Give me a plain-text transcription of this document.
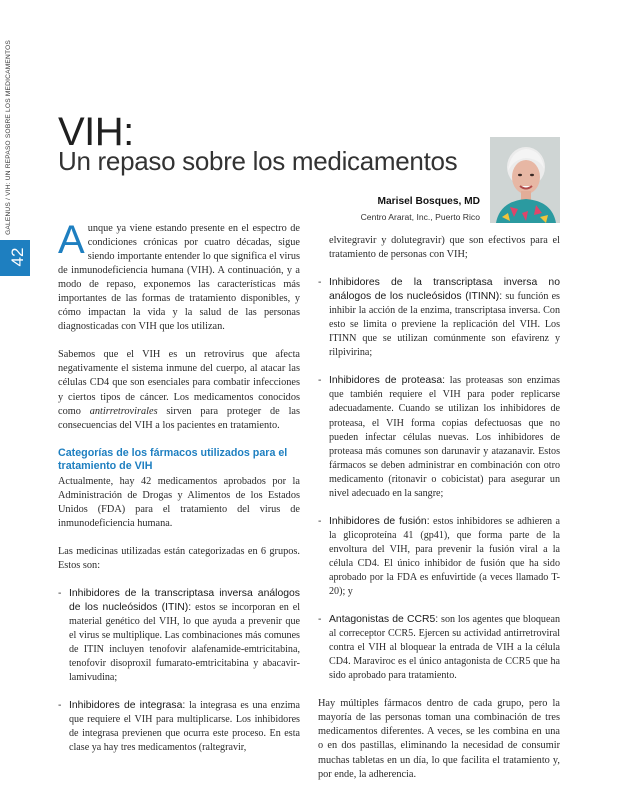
GALENUS / VIH: UN REPASO SOBRE LOS MEDICAMENTOS
42
VIH:
Un repaso sobre los medicamentos
Marisel Bosques, MD
Centro Ararat, Inc., Puerto Rico

Aunque ya viene estando presente en el espectro de condiciones crónicas por cuatro décadas, sigue siendo importante entender lo que significa el virus de inmunodeficiencia humana (VIH). A continuación, y a modo de repaso, exponemos las características más importantes de las formas de tratamiento disponibles, y cómo impactan la vida y la salud de las personas diagnosticadas con VIH que los utilizan.

Sabemos que el VIH es un retrovirus que afecta negativamente el sistema inmune del cuerpo, al atacar las células CD4 que son esenciales para combatir infecciones y ciertos tipos de cáncer. Los medicamentos conocidos como antirretrovirales sirven para proteger de las consecuencias del VIH a los pacientes en tratamiento.

Categorías de los fármacos utilizados para el tratamiento de VIH

Actualmente, hay 42 medicamentos aprobados por la Administración de Drogas y Alimentos de los Estados Unidos (FDA) para el tratamiento del virus de inmunodeficiencia humana.

Las medicinas utilizadas están categorizadas en 6 grupos. Estos son:

- Inhibidores de la transcriptasa inversa análogos de los nucleósidos (ITIN): estos se incorporan en el material genético del VIH, lo que ayuda a prevenir que el virus se multiplique. Las combinaciones más comunes de ITIN incluyen tenofovir alafenamide-emtricitabina, tenofovir disoproxil fumarato-emtricitabina y abacavir-lamivudina;
- Inhibidores de integrasa: la integrasa es una enzima que requiere el VIH para multiplicarse. Los inhibidores de integrasa previenen que ocurra este proceso. En esta clase ya hay tres medicamentos (raltegravir,

elvitegravir y dolutegravir) que son efectivos para el tratamiento de personas con VIH;

- Inhibidores de la transcriptasa inversa no análogos de los nucleósidos (ITINN): su función es inhibir la acción de la enzima, transcriptasa inversa. Con esto se limita o previene la replicación del VIH. Los ITINN que se utilizan comúnmente son efavirenz y rilpivirina;
- Inhibidores de proteasa: las proteasas son enzimas que también requiere el VIH para poder replicarse adecuadamente. Cuando se utilizan los inhibidores de proteasa, el VIH forma copias defectuosas que no pueden infectar células nuevas. Los inhibidores de proteasa más comunes son darunavir y atazanavir. Estos fármacos se deben administrar en combinación con otro medicamento (ritonavir o cobicistat) para asegurar un nivel adecuado en la sangre;
- Inhibidores de fusión: estos inhibidores se adhieren a la glicoproteína 41 (gp41), que forma parte de la envoltura del VIH, para prevenir la fusión viral a la célula CD4. El único inhibidor de fusión que ha sido aprobado por la FDA es enfuvirtide (a veces llamado T-20); y
- Antagonistas de CCR5: son los agentes que bloquean al correceptor CCR5. Ejercen su actividad antirretroviral contra el VIH al bloquear la entrada de VIH a la célula CD4. Maraviroc es el único antagonista de CCR5 que ha sido aprobado para tratamiento.

Hay múltiples fármacos dentro de cada grupo, pero la mayoría de las personas toman una combinación de tres medicamentos diferentes. A veces, se les combina en una o en dos pastillas, eliminando la necesidad de consumir muchas tabletas en un día, lo que facilita el tratamiento y, por ende, la adherencia.
